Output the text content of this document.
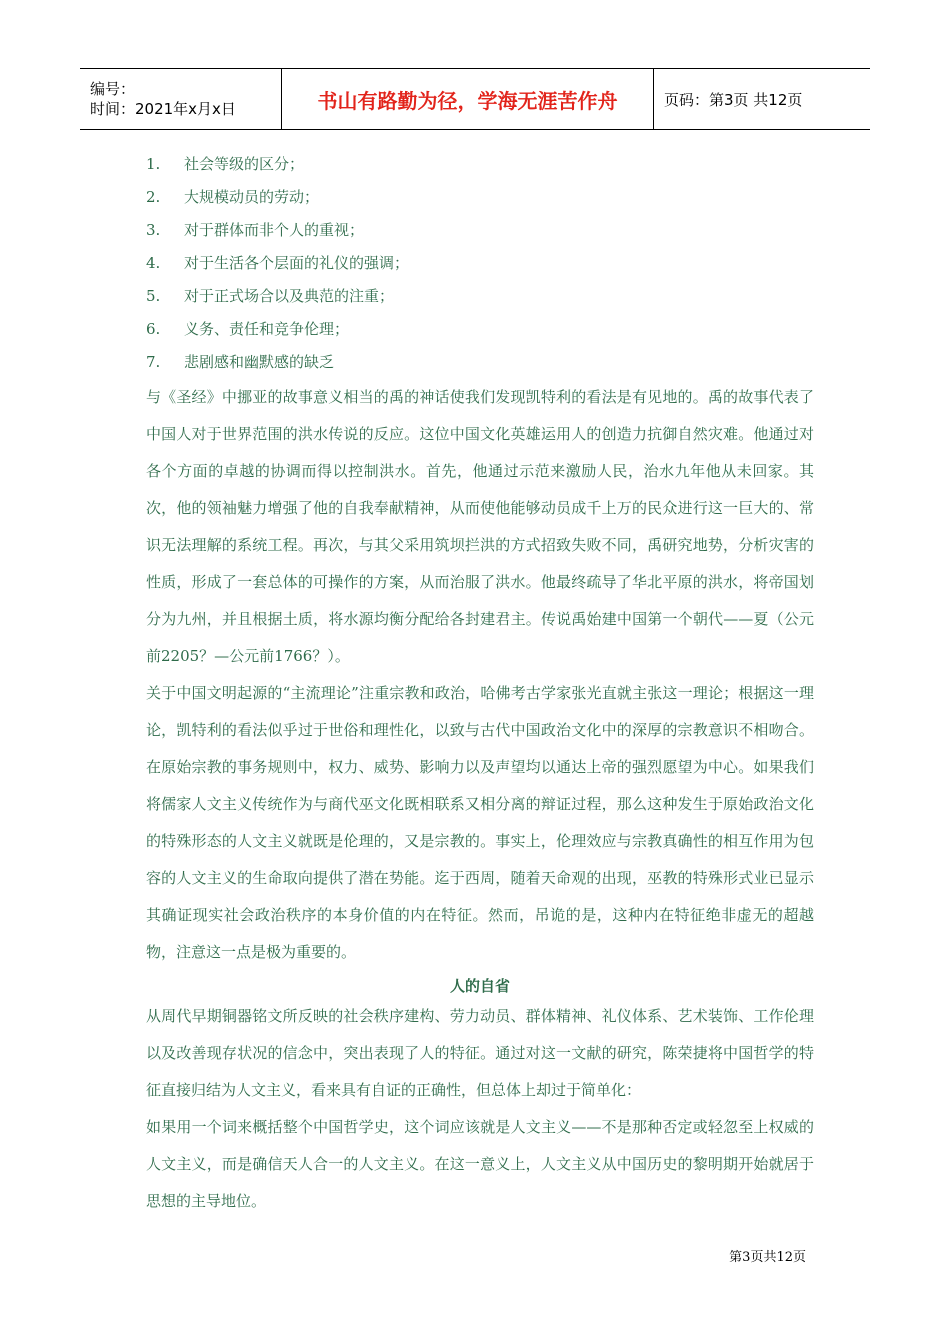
编号：
时间：2021年x月x日	书山有路勤为径，学海无涯苦作舟	页码：第3页 共12页
1. 社会等级的区分；
2. 大规模动员的劳动；
3. 对于群体而非个人的重视；
4. 对于生活各个层面的礼仪的强调；
5. 对于正式场合以及典范的注重；
6. 义务、责任和竞争伦理；
7. 悲剧感和幽默感的缺乏

与《圣经》中挪亚的故事意义相当的禹的神话使我们发现凯特利的看法是有见地的。禹的故事代表了中国人对于世界范围的洪水传说的反应。这位中国文化英雄运用人的创造力抗御自然灾难。他通过对各个方面的卓越的协调而得以控制洪水。首先，他通过示范来激励人民，治水九年他从未回家。其次，他的领袖魅力增强了他的自我奉献精神，从而使他能够动员成千上万的民众进行这一巨大的、常识无法理解的系统工程。再次，与其父采用筑坝拦洪的方式招致失败不同，禹研究地势，分析灾害的性质，形成了一套总体的可操作的方案，从而治服了洪水。他最终疏导了华北平原的洪水，将帝国划分为九州，并且根据土质，将水源均衡分配给各封建君主。传说禹始建中国第一个朝代——夏（公元前2205？—公元前1766？）。

关于中国文明起源的“主流理论”注重宗教和政治，哈佛考古学家张光直就主张这一理论；根据这一理论，凯特利的看法似乎过于世俗和理性化，以致与古代中国政治文化中的深厚的宗教意识不相吻合。在原始宗教的事务规则中，权力、威势、影响力以及声望均以通达上帝的强烈愿望为中心。如果我们将儒家人文主义传统作为与商代巫文化既相联系又相分离的辩证过程，那么这种发生于原始政治文化的特殊形态的人文主义就既是伦理的，又是宗教的。事实上，伦理效应与宗教真确性的相互作用为包容的人文主义的生命取向提供了潜在势能。迄于西周，随着天命观的出现，巫教的特殊形式业已显示其确证现实社会政治秩序的本身价值的内在特征。然而，吊诡的是，这种内在特征绝非虚无的超越物，注意这一点是极为重要的。

人的自省

从周代早期铜器铭文所反映的社会秩序建构、劳力动员、群体精神、礼仪体系、艺术装饰、工作伦理以及改善现存状况的信念中，突出表现了人的特征。通过对这一文献的研究，陈荣捷将中国哲学的特征直接归结为人文主义，看来具有自证的正确性，但总体上却过于简单化：

如果用一个词来概括整个中国哲学史，这个词应该就是人文主义——不是那种否定或轻忽至上权威的人文主义，而是确信天人合一的人文主义。在这一意义上，人文主义从中国历史的黎明期开始就居于思想的主导地位。

第3页共12页
